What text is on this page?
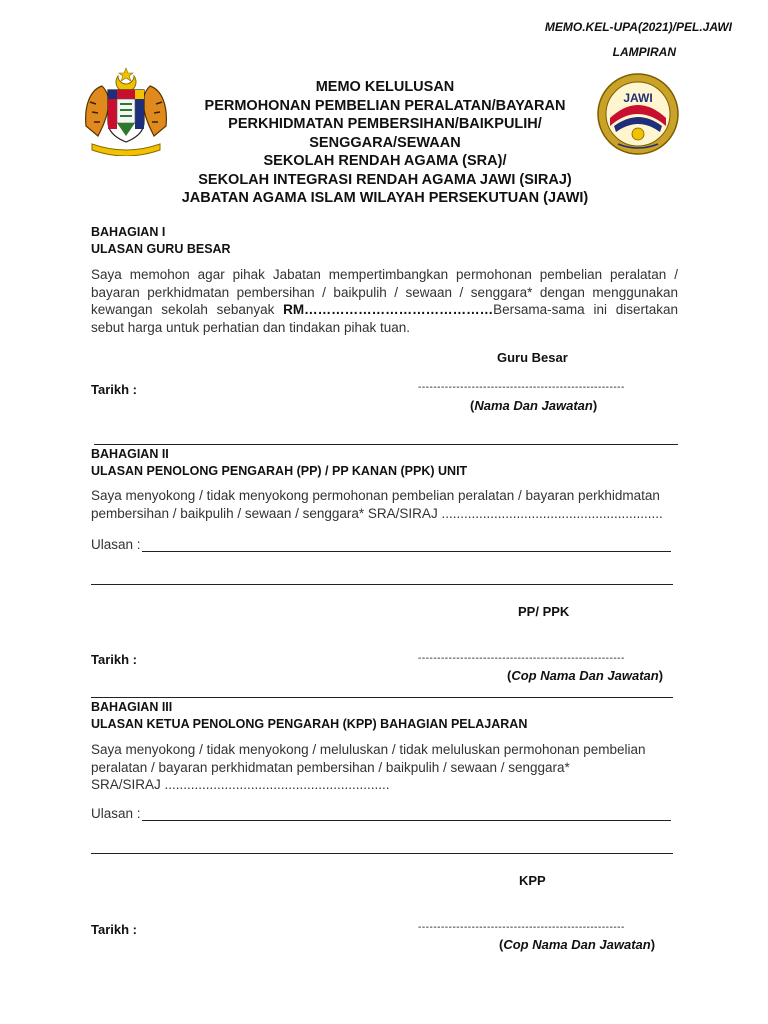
MEMO.KEL-UPA(2021)/PEL.JAWI
LAMPIRAN
MEMO KELULUSAN
PERMOHONAN PEMBELIAN PERALATAN/BAYARAN
PERKHIDMATAN PEMBERSIHAN/BAIKPULIH/
SENGGARA/SEWAAN
SEKOLAH RENDAH AGAMA (SRA)/
SEKOLAH INTEGRASI RENDAH AGAMA JAWI (SIRAJ)
JABATAN AGAMA ISLAM WILAYAH PERSEKUTUAN (JAWI)
JAWI
BAHAGIAN I
ULASAN GURU BESAR
Saya memohon agar pihak Jabatan mempertimbangkan permohonan pembelian peralatan / bayaran perkhidmatan pembersihan / baikpulih / sewaan / senggara* dengan menggunakan kewangan sekolah sebanyak RM……………………………………Bersama-sama ini disertakan sebut harga untuk perhatian dan tindakan pihak tuan.
Guru Besar
Tarikh :	------------------------------------------------------
(Nama Dan Jawatan)
BAHAGIAN II
ULASAN PENOLONG PENGARAH (PP) / PP KANAN (PPK) UNIT
Saya menyokong / tidak menyokong permohonan pembelian peralatan / bayaran perkhidmatan pembersihan / baikpulih / sewaan / senggara* SRA/SIRAJ ...........................................................
Ulasan :
PP/ PPK
Tarikh :	------------------------------------------------------
(Cop Nama Dan Jawatan)
BAHAGIAN III
ULASAN KETUA PENOLONG PENGARAH (KPP) BAHAGIAN PELAJARAN
Saya menyokong / tidak menyokong / meluluskan / tidak meluluskan permohonan pembelian
peralatan / bayaran perkhidmatan pembersihan / baikpulih / sewaan / senggara*
SRA/SIRAJ ............................................................
Ulasan :
KPP
Tarikh :	------------------------------------------------------
(Cop Nama Dan Jawatan)
